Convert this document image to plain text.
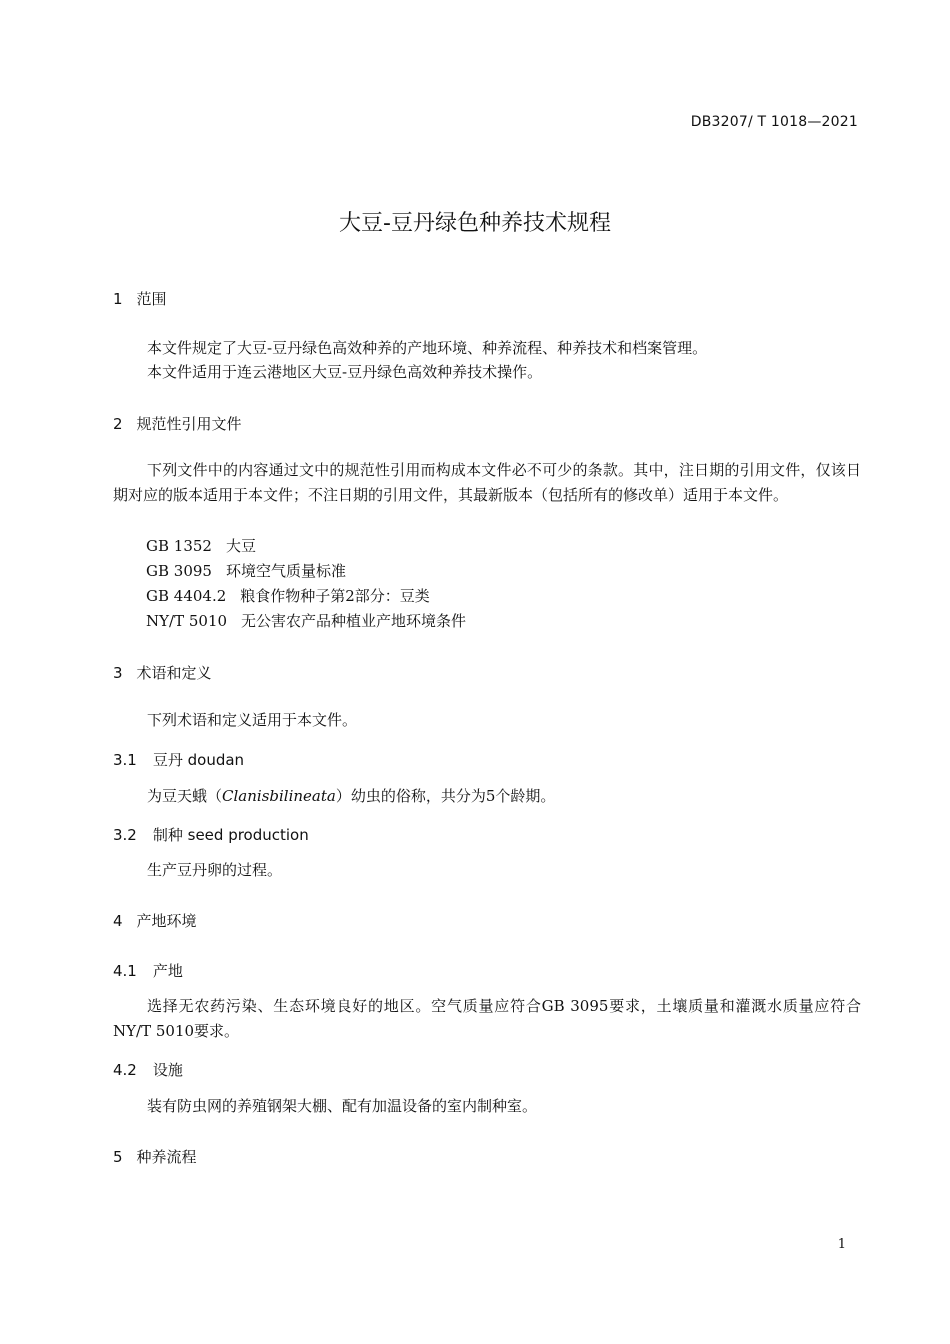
DB3207/ T 1018—2021
大豆-豆丹绿色种养技术规程
1 范围
本文件规定了大豆-豆丹绿色高效种养的产地环境、种养流程、种养技术和档案管理。
本文件适用于连云港地区大豆-豆丹绿色高效种养技术操作。
2 规范性引用文件
下列文件中的内容通过文中的规范性引用而构成本文件必不可少的条款。其中，注日期的引用文件，仅该日期对应的版本适用于本文件；不注日期的引用文件，其最新版本（包括所有的修改单）适用于本文件。
GB 1352 大豆
GB 3095 环境空气质量标准
GB 4404.2 粮食作物种子第2部分：豆类
NY/T 5010 无公害农产品种植业产地环境条件
3 术语和定义
下列术语和定义适用于本文件。
3.1 豆丹 doudan
为豆天蛾（Clanisbilineata）幼虫的俗称，共分为5个龄期。
3.2 制种 seed production
生产豆丹卵的过程。
4 产地环境
4.1 产地
选择无农药污染、生态环境良好的地区。空气质量应符合GB 3095要求，土壤质量和灌溉水质量应符合NY/T 5010要求。
4.2 设施
装有防虫网的养殖钢架大棚、配有加温设备的室内制种室。
5 种养流程
1
